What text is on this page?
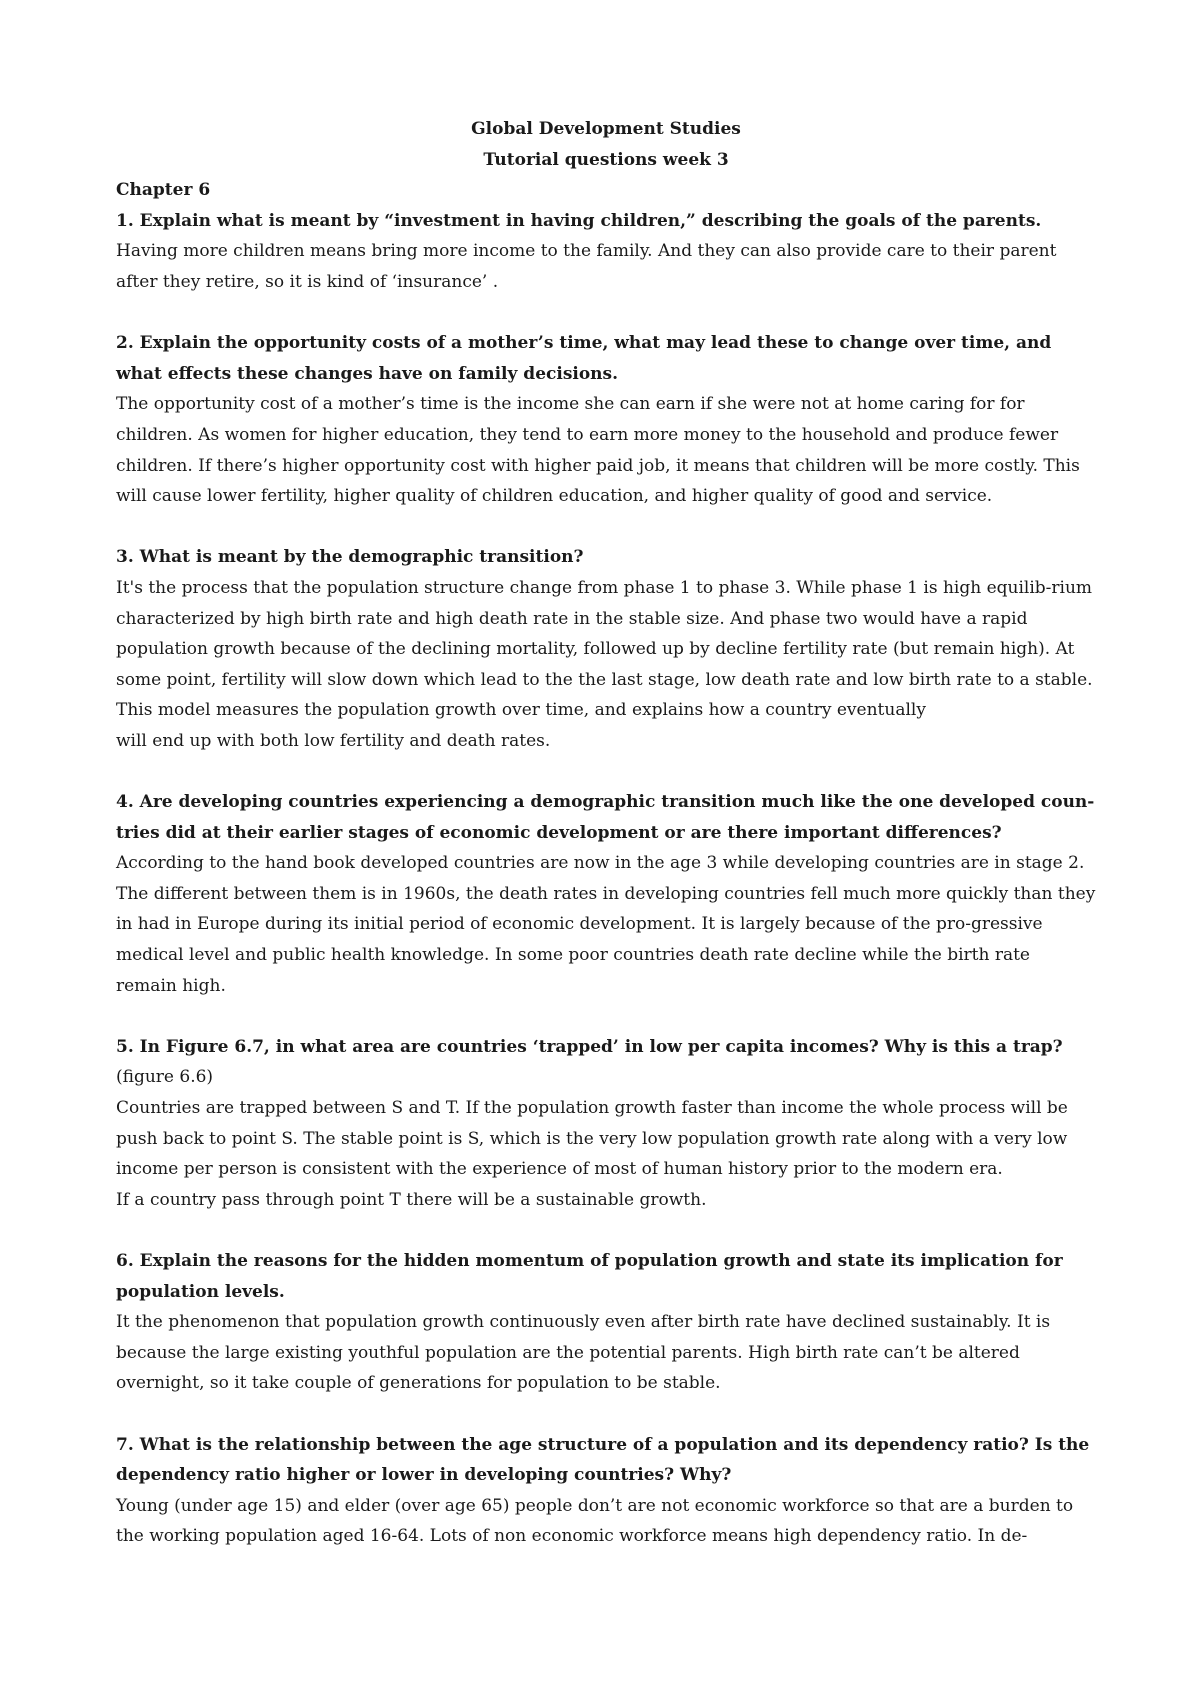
Global Development Studies
Tutorial questions week 3
Chapter 6

1. Explain what is meant by “investment in having children,” describing the goals of the parents.

Having more children means bring more income to the family. And they can also provide care to their parent after they retire, so it is kind of ‘insurance’ .

2. Explain the opportunity costs of a mother’s time, what may lead these to change over time, and what effects these changes have on family decisions.

The opportunity cost of a mother’s time is the income she can earn if she were not at home caring for for children. As women for higher education, they tend to earn more money to the household and produce fewer children. If there’s higher opportunity cost with higher paid job, it means that children will be more costly. This will cause lower fertility, higher quality of children education, and higher quality of good and service.

3. What is meant by the demographic transition?

It's the process that the population structure change from phase 1 to phase 3. While phase 1 is high equilib-rium characterized by high birth rate and high death rate in the stable size. And phase two would have a rapid population growth because of the declining mortality, followed up by decline fertility rate (but remain high). At some point, fertility will slow down which lead to the the last stage, low death rate and low birth rate to a stable.

This model measures the population growth over time, and explains how a country eventually

will end up with both low fertility and death rates.

4. Are developing countries experiencing a demographic transition much like the one developed coun-tries did at their earlier stages of economic development or are there important differences?

According to the hand book developed countries are now in the age 3 while developing countries are in stage 2. The different between them is in 1960s, the death rates in developing countries fell much more quickly than they in had in Europe during its initial period of economic development. It is largely because of the pro-gressive medical level and public health knowledge. In some poor countries death rate decline while the birth rate remain high.

5. In Figure 6.7, in what area are countries ‘trapped’ in low per capita incomes? Why is this a trap?

(figure 6.6)

Countries are trapped between S and T. If the population growth faster than income the whole process will be push back to point S. The stable point is S, which is the very low population growth rate along with a very low income per person is consistent with the experience of most of human history prior to the modern era.

If a country pass through point T there will be a sustainable growth.

6. Explain the reasons for the hidden momentum of population growth and state its implication for population levels.

It the phenomenon that population growth continuously even after birth rate have declined sustainably. It is because the large existing youthful population are the potential parents. High birth rate can’t be altered overnight, so it take couple of generations for population to be stable.

7. What is the relationship between the age structure of a population and its dependency ratio? Is the dependency ratio higher or lower in developing countries? Why?

Young (under age 15) and elder (over age 65) people don’t are not economic workforce so that are a burden to the working population aged 16-64. Lots of non economic workforce means high dependency ratio. In de-
